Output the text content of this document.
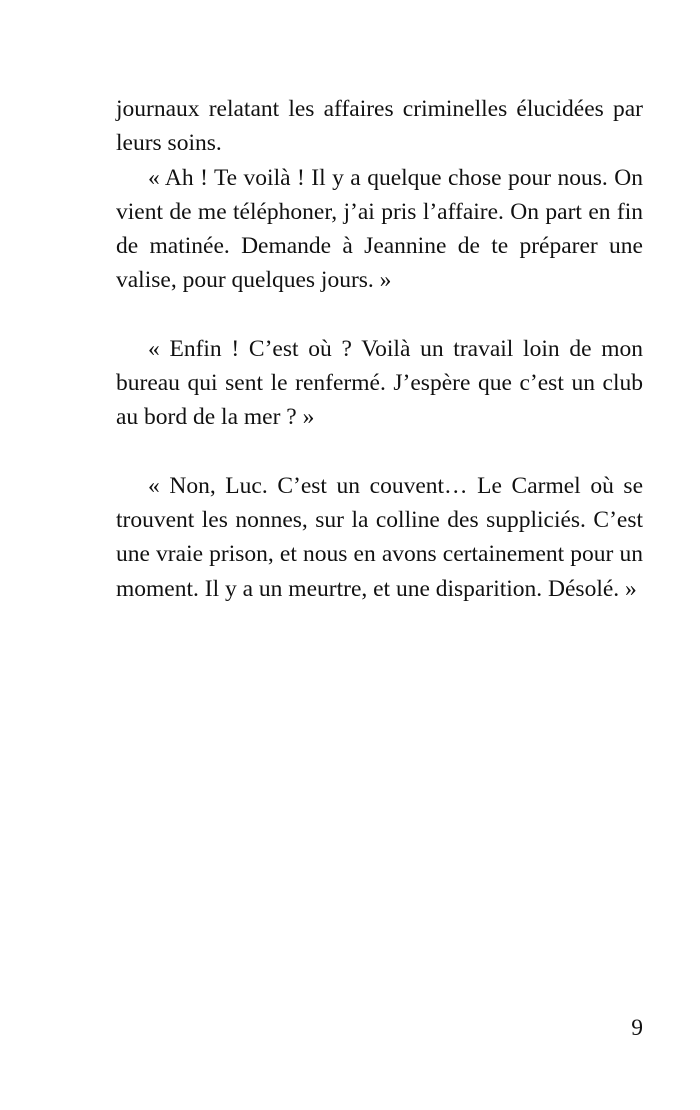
journaux relatant les affaires criminelles élucidées par leurs soins.

« Ah ! Te voilà ! Il y a quelque chose pour nous. On vient de me téléphoner, j’ai pris l’affaire. On part en fin de matinée. Demande à Jeannine de te préparer une valise, pour quelques jours. »

« Enfin ! C’est où ? Voilà un travail loin de mon bureau qui sent le renfermé. J’espère que c’est un club au bord de la mer ? »

« Non, Luc. C’est un couvent… Le Carmel où se trouvent les nonnes, sur la colline des suppliciés. C’est une vraie prison, et nous en avons certainement pour un moment. Il y a un meurtre, et une disparition. Désolé. »

9
